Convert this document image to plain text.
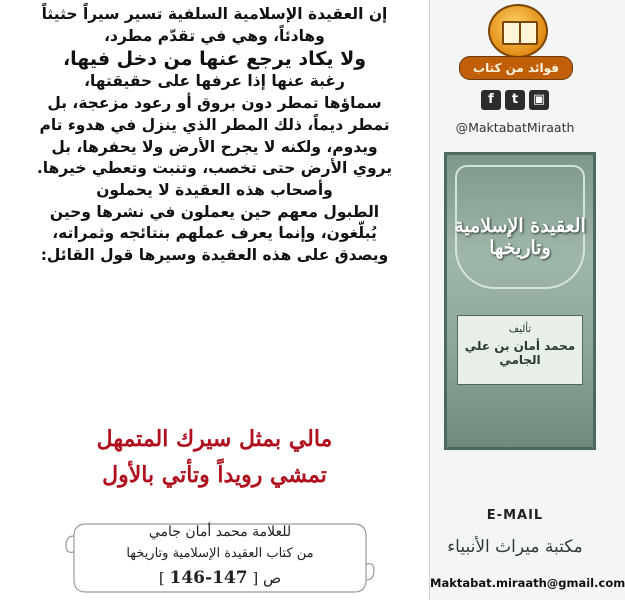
إن العقيدة الإسلامية السلفية تسير سيراً حثيثاً

وهادئاً، وهي في تقدّم مطرد،

ولا يكاد يرجع عنها من دخل فيها،

رغبة عنها إذا عرفها على حقيقتها،

سماؤها تمطر دون بروق أو رعود مزعجة، بل

تمطر ديماً، ذلك المطر الذي ينزل في هدوء تام

ويدوم، ولكنه لا يجرح الأرض ولا يحفرها، بل

يروي الأرض حتى تخصب، وتنبت وتعطي خيرها.

وأصحاب هذه العقيدة لا يحملون

الطبول معهم حين يعملون في نشرها وحين

يُبلّغون، وإنما يعرف عملهم بنتائجه وثمراته،

ويصدق على هذه العقيدة وسيرها قول القائل:

مالي بمثل سيرك المتمهل
تمشي رويداً وتأتي بالأول
للعلامة محمد أمان جامي
من كتاب العقيدة الإسلامية وتاريخها
ص [ 147-146 ]
فوائد من كتاب
f	t	▣
@MaktabatMiraath
العقيدة الإسلامية وتاريخها
تأليف
محمد أمان بن علي الجامي
E-MAIL
مكتبة ميراث الأنبياء
Maktabat.miraath@gmail.com
